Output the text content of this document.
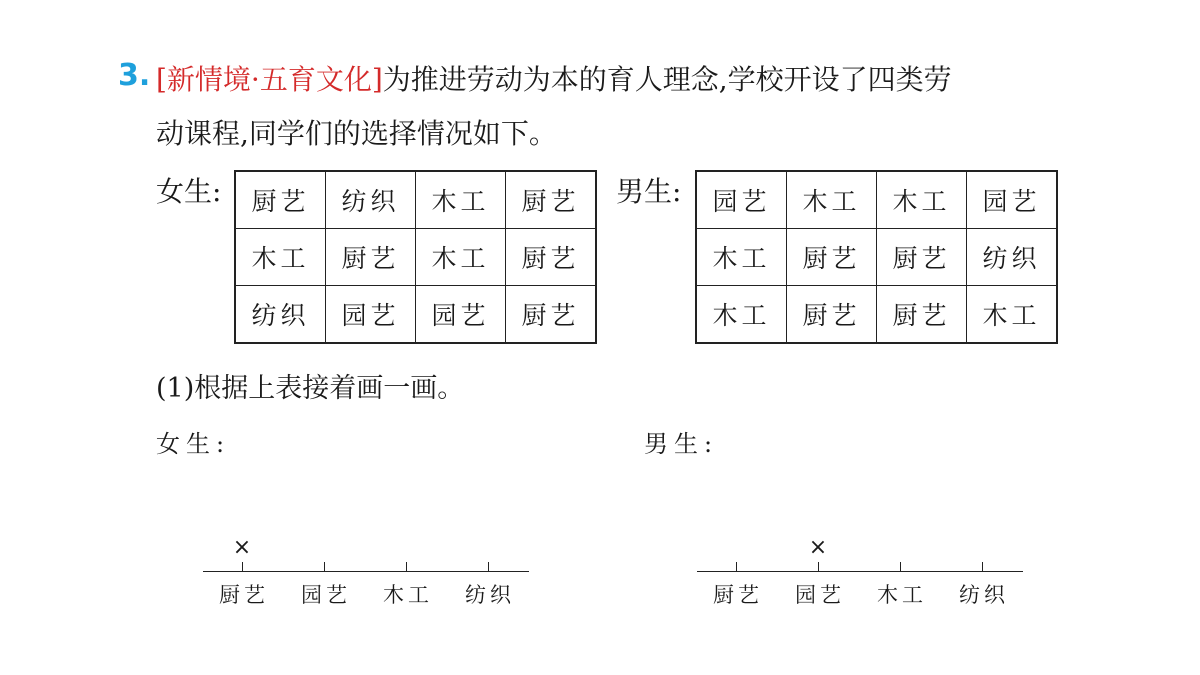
3. [新情境·五育文化]为推进劳动为本的育人理念,学校开设了四类劳
动课程,同学们的选择情况如下。
女生: 厨艺	纺织	木工	厨艺
木工	厨艺	木工	厨艺
纺织	园艺	园艺	厨艺
男生: 园艺	木工	木工	园艺
木工	厨艺	厨艺	纺织
木工	厨艺	厨艺	木工
(1)根据上表接着画一画。
女生:
厨艺
×
园艺 木工 纺织
男生:
厨艺 园艺
×
木工 纺织
